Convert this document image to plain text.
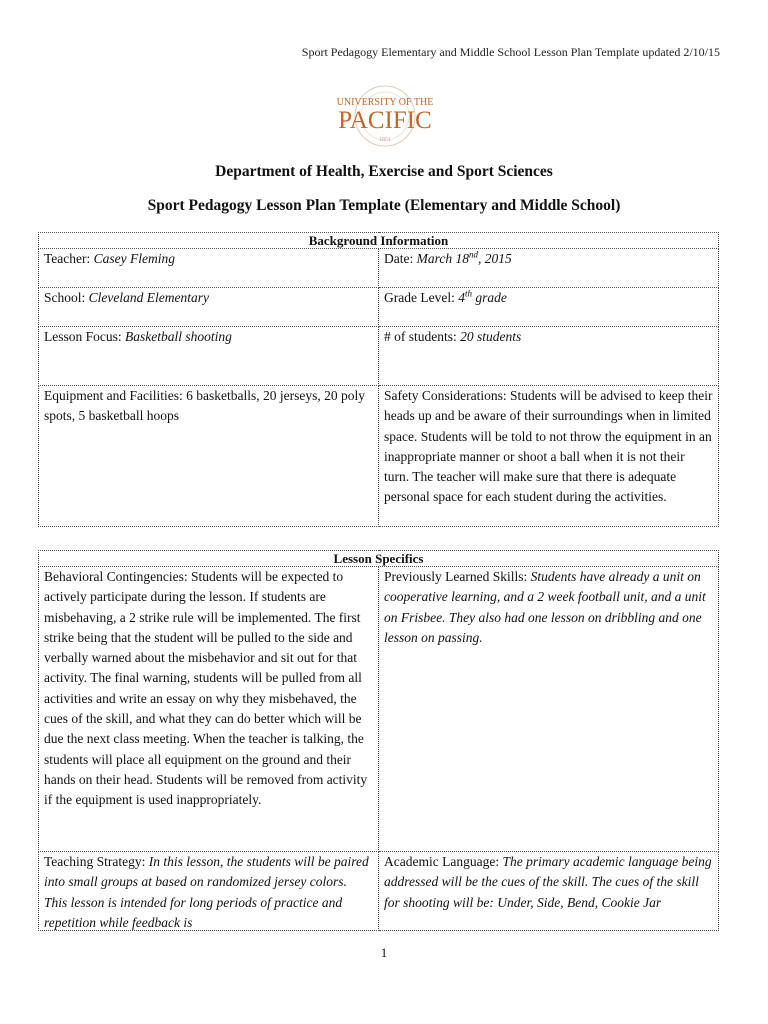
Sport Pedagogy Elementary and Middle School Lesson Plan Template updated 2/10/15
UNIVERSITY OF THE
PACIFIC
1851
Department of Health, Exercise and Sport Sciences
Sport Pedagogy Lesson Plan Template (Elementary and Middle School)
Background Information	
Teacher: Casey Fleming	Date: March 18nd, 2015
School: Cleveland Elementary	Grade Level: 4th grade
Lesson Focus: Basketball shooting	# of students: 20 students
Equipment and Facilities: 6 basketballs, 20 jerseys, 20 poly spots, 5 basketball hoops	Safety Considerations: Students will be advised to keep their heads up and be aware of their surroundings when in limited space. Students will be told to not throw the equipment in an inappropriate manner or shoot a ball when it is not their turn. The teacher will make sure that there is adequate personal space for each student during the activities.
Lesson Specifics	
Behavioral Contingencies: Students will be expected to actively participate during the lesson. If students are misbehaving, a 2 strike rule will be implemented. The first strike being that the student will be pulled to the side and verbally warned about the misbehavior and sit out for that activity. The final warning, students will be pulled from all activities and write an essay on why they misbehaved, the cues of the skill, and what they can do better which will be due the next class meeting. When the teacher is talking, the students will place all equipment on the ground and their hands on their head. Students will be removed from activity if the equipment is used inappropriately.	Previously Learned Skills: Students have already a unit on cooperative learning, and a 2 week football unit, and a unit on Frisbee. They also had one lesson on dribbling and one lesson on passing.

Teaching Strategy: In this lesson, the students will be paired into small groups at based on randomized jersey colors. This lesson is intended for long periods of practice and repetition while feedback is	Academic Language: The primary academic language being addressed will be the cues of the skill. The cues of the skill for shooting will be: Under, Side, Bend, Cookie Jar
1
